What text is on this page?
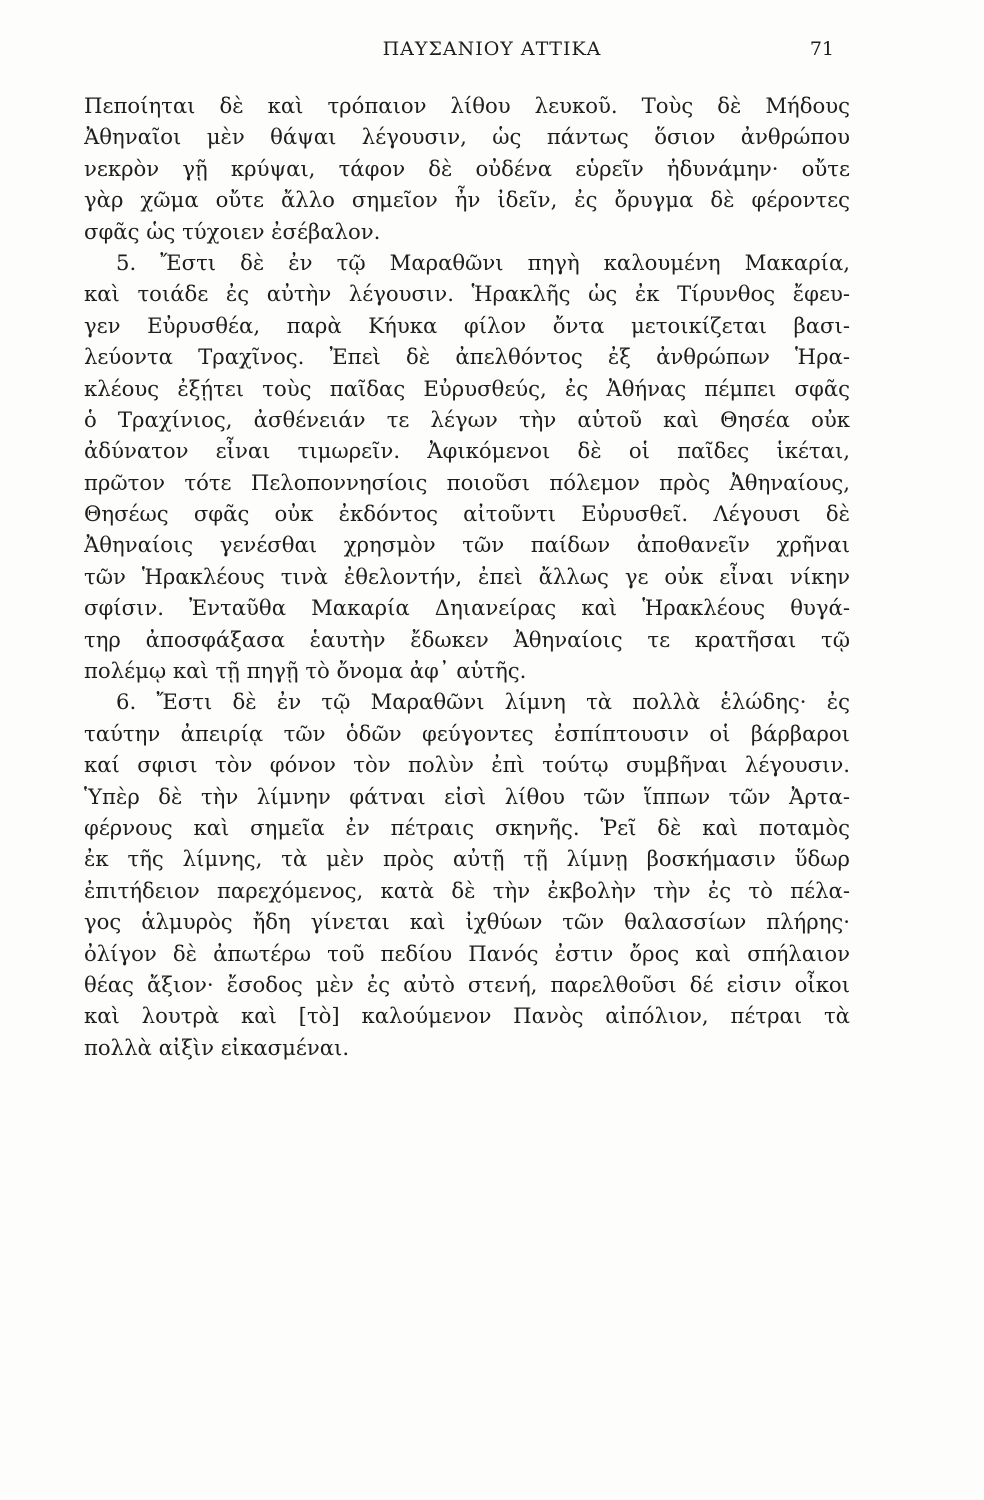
ΠΑΥΣΑΝΙΟΥ ΑΤΤΙΚΑ	71
Πεποίηται δὲ καὶ τρόπαιον λίθου λευκοῦ. Τοὺς δὲ Μήδους
Ἀθηναῖοι μὲν θάψαι λέγουσιν, ὡς πάντως ὅσιον ἀνθρώπου
νεκρὸν γῇ κρύψαι, τάφον δὲ οὐδένα εὑρεῖν ἠδυνάμην· οὔτε
γὰρ χῶμα οὔτε ἄλλο σημεῖον ἦν ἰδεῖν, ἐς ὄρυγμα δὲ φέροντες
σφᾶς ὡς τύχοιεν ἐσέβαλον.
5. Ἔστι δὲ ἐν τῷ Μαραθῶνι πηγὴ καλουμένη Μακαρία,
καὶ τοιάδε ἐς αὐτὴν λέγουσιν. Ἡρακλῆς ὡς ἐκ Τίρυνθος ἔφευ-
γεν Εὐρυσθέα, παρὰ Κήυκα φίλον ὄντα μετοικίζεται βασι-
λεύοντα Τραχῖνος. Ἐπεὶ δὲ ἀπελθόντος ἐξ ἀνθρώπων Ἡρα-
κλέους ἐξῄτει τοὺς παῖδας Εὐρυσθεύς, ἐς Ἀθήνας πέμπει σφᾶς
ὁ Τραχίνιος, ἀσθένειάν τε λέγων τὴν αὑτοῦ καὶ Θησέα οὐκ
ἀδύνατον εἶναι τιμωρεῖν. Ἀφικόμενοι δὲ οἱ παῖδες ἱκέται,
πρῶτον τότε Πελοποννησίοις ποιοῦσι πόλεμον πρὸς Ἀθηναίους,
Θησέως σφᾶς οὐκ ἐκδόντος αἰτοῦντι Εὐρυσθεῖ. Λέγουσι δὲ
Ἀθηναίοις γενέσθαι χρησμὸν τῶν παίδων ἀποθανεῖν χρῆναι
τῶν Ἡρακλέους τινὰ ἐθελοντήν, ἐπεὶ ἄλλως γε οὐκ εἶναι νίκην
σφίσιν. Ἐνταῦθα Μακαρία Δηιανείρας καὶ Ἡρακλέους θυγά-
τηρ ἀποσφάξασα ἑαυτὴν ἔδωκεν Ἀθηναίοις τε κρατῆσαι τῷ
πολέμῳ καὶ τῇ πηγῇ τὸ ὄνομα ἀφ᾽ αὑτῆς.
6. Ἔστι δὲ ἐν τῷ Μαραθῶνι λίμνη τὰ πολλὰ ἑλώδης· ἐς
ταύτην ἀπειρίᾳ τῶν ὁδῶν φεύγοντες ἐσπίπτουσιν οἱ βάρβαροι
καί σφισι τὸν φόνον τὸν πολὺν ἐπὶ τούτῳ συμβῆναι λέγουσιν.
Ὑπὲρ δὲ τὴν λίμνην φάτναι εἰσὶ λίθου τῶν ἵππων τῶν Ἀρτα-
φέρνους καὶ σημεῖα ἐν πέτραις σκηνῆς. Ῥεῖ δὲ καὶ ποταμὸς
ἐκ τῆς λίμνης, τὰ μὲν πρὸς αὐτῇ τῇ λίμνῃ βοσκήμασιν ὕδωρ
ἐπιτήδειον παρεχόμενος, κατὰ δὲ τὴν ἐκβολὴν τὴν ἐς τὸ πέλα-
γος ἁλμυρὸς ἤδη γίνεται καὶ ἰχθύων τῶν θαλασσίων πλήρης·
ὀλίγον δὲ ἀπωτέρω τοῦ πεδίου Πανός ἐστιν ὄρος καὶ σπήλαιον
θέας ἄξιον· ἔσοδος μὲν ἐς αὐτὸ στενή, παρελθοῦσι δέ εἰσιν οἶκοι
καὶ λουτρὰ καὶ [τὸ] καλούμενον Πανὸς αἰπόλιον, πέτραι τὰ
πολλὰ αἰξὶν εἰκασμέναι.
